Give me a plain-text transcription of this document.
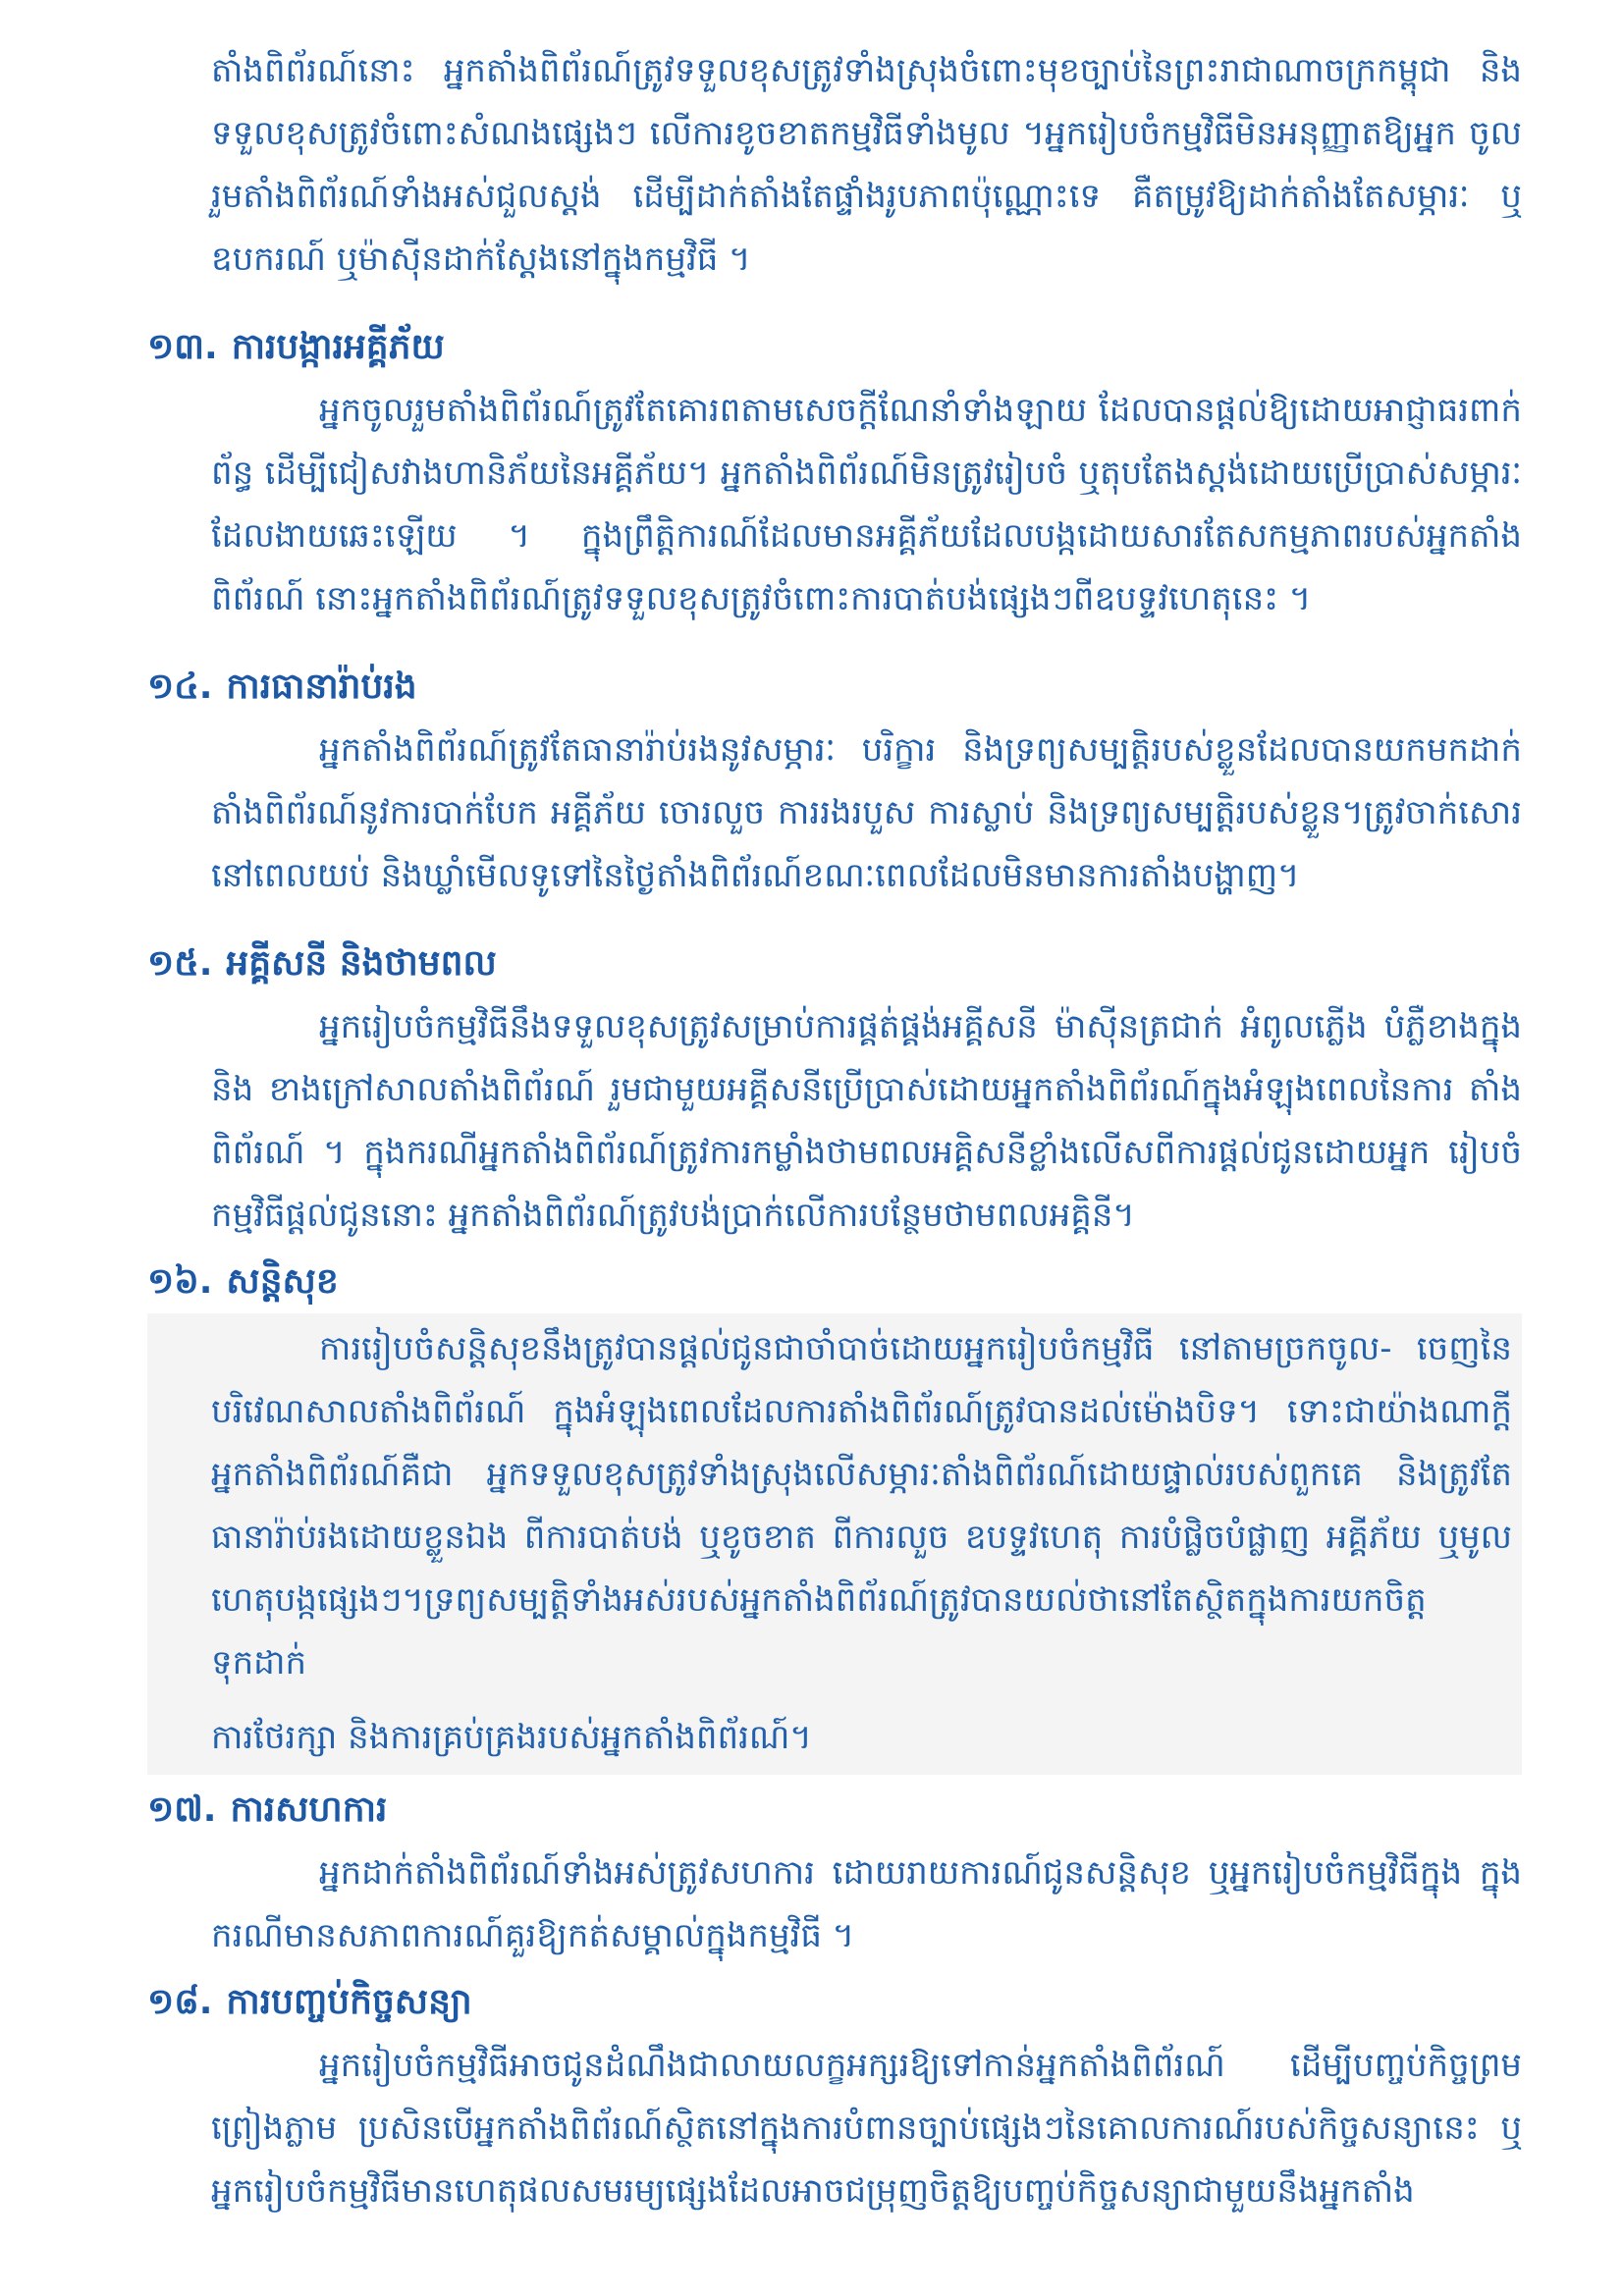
តាំងពិព័រណ៍នោះ អ្នកតាំងពិព័រណ៍ត្រូវទទួលខុសត្រូវទាំងស្រុងចំពោះមុខច្បាប់នៃព្រះរាជាណាចក្រកម្ពុជា និង ទទួលខុសត្រូវចំពោះសំណងផ្សេងៗ លើការខូចខាតកម្មវិធីទាំងមូល ។អ្នករៀបចំកម្មវិធីមិនអនុញ្ញាតឱ្យអ្នក ចូលរួមតាំងពិព័រណ៍ទាំងអស់ជួលស្តង់ ដើម្បីដាក់តាំងតែផ្ទាំងរូបភាពប៉ុណ្ណោះទេ គឺតម្រូវឱ្យដាក់តាំងតែសម្ភារៈ ឬឧបករណ៍ ឬម៉ាស៊ីនដាក់ស្តែងនៅក្នុងកម្មវិធី ។

១៣. ការបង្ការអគ្គីភ័យ

អ្នកចូលរួមតាំងពិព័រណ៍ត្រូវតែគោរពតាមសេចក្តីណែនាំទាំងឡាយ ដែលបានផ្តល់ឱ្យដោយអាជ្ញាធរពាក់ព័ន្ធ ដើម្បីជៀសវាងហានិភ័យនៃអគ្គីភ័យ។ អ្នកតាំងពិព័រណ៍មិនត្រូវរៀបចំ ឬតុបតែងស្តង់ដោយប្រើប្រាស់សម្ភារៈ ដែលងាយឆេះឡើយ ។ ក្នុងព្រឹត្តិការណ៍ដែលមានអគ្គីភ័យដែលបង្កដោយសារតែសកម្មភាពរបស់អ្នកតាំងពិព័រណ៍ នោះអ្នកតាំងពិព័រណ៍ត្រូវទទួលខុសត្រូវចំពោះការបាត់បង់ផ្សេងៗពីឧបទ្ទវហេតុនេះ ។

១៤. ការធានារ៉ាប់រង

អ្នកតាំងពិព័រណ៍ត្រូវតែធានារ៉ាប់រងនូវសម្ភារៈ បរិក្ខារ និងទ្រព្យសម្បត្តិរបស់ខ្លួនដែលបានយកមកដាក់ តាំងពិព័រណ៍នូវការបាក់បែក អគ្គីភ័យ ចោរលួច ការរងរបួស ការស្លាប់ និងទ្រព្យសម្បត្តិរបស់ខ្លួន។ត្រូវចាក់សោរ នៅពេលយប់ និងឃ្លាំមើលទូទៅនៃថ្ងៃតាំងពិព័រណ៍ខណៈពេលដែលមិនមានការតាំងបង្ហាញ។

១៥. អគ្គីសនី និងថាមពល

អ្នករៀបចំកម្មវិធីនឹងទទួលខុសត្រូវសម្រាប់ការផ្គត់ផ្គង់អគ្គីសនី ម៉ាស៊ីនត្រជាក់ អំពូលភ្លើង បំភ្លឺខាងក្នុង និង ខាងក្រៅសាលតាំងពិព័រណ៍ រួមជាមួយអគ្គីសនីប្រើប្រាស់ដោយអ្នកតាំងពិព័រណ៍ក្នុងអំឡុងពេលនៃការ តាំងពិព័រណ៍ ។ ក្នុងករណីអ្នកតាំងពិព័រណ៍ត្រូវការកម្លាំងថាមពលអគ្គិសនីខ្លាំងលើសពីការផ្តល់ជូនដោយអ្នក រៀបចំកម្មវិធីផ្តល់ជូននោះ អ្នកតាំងពិព័រណ៍ត្រូវបង់ប្រាក់លើការបន្ថែមថាមពលអគ្គិនី។

១៦. សន្តិសុខ

ការរៀបចំសន្តិសុខនឹងត្រូវបានផ្តល់ជូនជាចាំបាច់ដោយអ្នករៀបចំកម្មវិធី នៅតាមច្រកចូល- ចេញនៃ បរិវេណសាលតាំងពិព័រណ៍ ក្នុងអំឡុងពេលដែលការតាំងពិព័រណ៍ត្រូវបានដល់ម៉ោងបិទ។ ទោះជាយ៉ាងណាក្តី អ្នកតាំងពិព័រណ៍គឺជា អ្នកទទួលខុសត្រូវទាំងស្រុងលើសម្ភារៈតាំងពិព័រណ៍ដោយផ្ទាល់របស់ពួកគេ និងត្រូវតែ ធានារ៉ាប់រងដោយខ្លួនឯង ពីការបាត់បង់ ឬខូចខាត ពីការលួច ឧបទ្ទវហេតុ ការបំផ្លិចបំផ្លាញ អគ្គីភ័យ ឬមូល ហេតុបង្កផ្សេងៗ។ទ្រព្យសម្បត្តិទាំងអស់របស់អ្នកតាំងពិព័រណ៍ត្រូវបានយល់ថានៅតែស្ថិតក្នុងការយកចិត្តទុកដាក់

ការថែរក្សា និងការគ្រប់គ្រងរបស់អ្នកតាំងពិព័រណ៍។

១៧. ការសហការ

អ្នកដាក់តាំងពិព័រណ៍ទាំងអស់ត្រូវសហការ ដោយរាយការណ៍ជូនសន្តិសុខ ឬអ្នករៀបចំកម្មវិធីក្នុង ក្នុង ករណីមានសភាពការណ៍គួរឱ្យកត់សម្គាល់ក្នុងកម្មវិធី ។

១៨. ការបញ្ចប់កិច្ចសន្យា

អ្នករៀបចំកម្មវិធីអាចជូនដំណឹងជាលាយលក្ខអក្សរឱ្យទៅកាន់អ្នកតាំងពិព័រណ៍ ដើម្បីបញ្ចប់កិច្ចព្រម ព្រៀងភ្លាម ប្រសិនបើអ្នកតាំងពិព័រណ៍ស្ថិតនៅក្នុងការបំពានច្បាប់ផ្សេងៗនៃគោលការណ៍របស់កិច្ចសន្យានេះ ឬអ្នករៀបចំកម្មវិធីមានហេតុផលសមរម្យផ្សេងដែលអាចជម្រុញចិត្តឱ្យបញ្ចប់កិច្ចសន្យាជាមួយនឹងអ្នកតាំង
